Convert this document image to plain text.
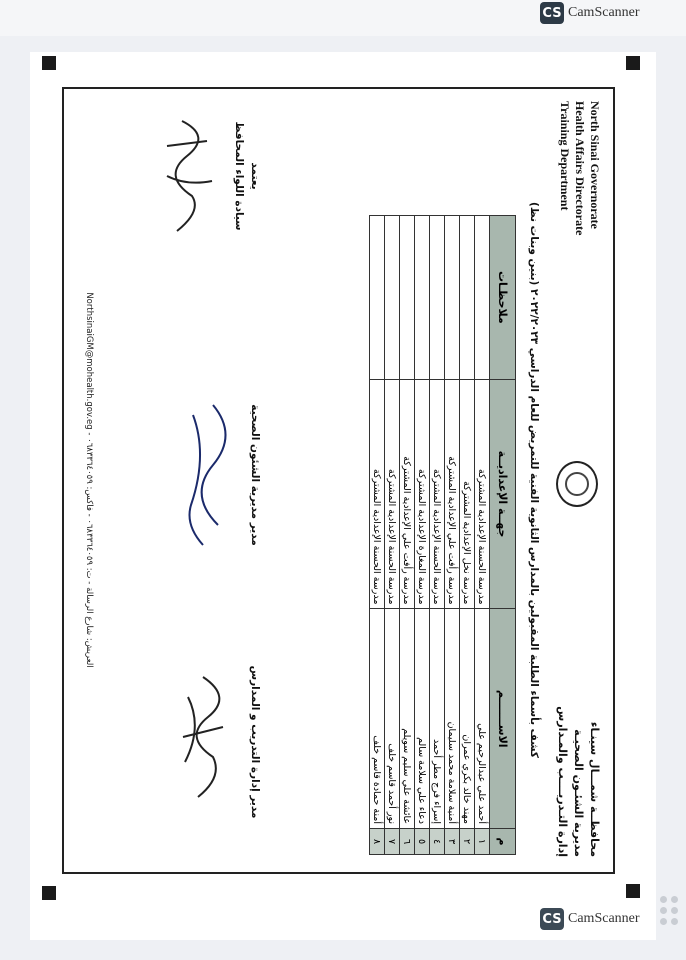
CS CamScanner
North Sinai Governorate
Health Affairs Directorate
Training Department
محافظــة شمـــال سينـاء
مديرية الشئـون الصحيـة
إدارة التـدريــــب والمـدارس
كشف بأسماء الطلبة المقبولين بالمدارس الثانوية الفنية للتمريض للعام الدراسي ٢٠٢٢/٢٠٢٣ (بنين وبنات نظ)
م	الاســـــــم	جهــة الإعداديــة	ملاحظـات
١	أحمد علي عبدالرحيم علي	مدرسة الحسنة الإعدادية المشتركة	
٢	مهند خالد بكري عمران	مدرسة نخل الإعدادية المشتركة	
٣	أمنية سلامة محمد سليمان	مدرسة رأفت علي الإعدادية المشتركة	
٤	إسراء فرج مطر أحمد	مدرسة الحسنة الإعدادية المشتركة	
٥	دعاء علي سلامة سالم	مدرسة المغارة الإعدادية المشتركة	
٦	عائشة علي سليم سويلم	مدرسة رأفت علي الإعدادية المشتركة	
٧	نور أحمد قاسم خلف	مدرسة الحسنة الإعدادية المشتركة	
٨	أمنة حمادة قاسم خلف	مدرسة الحسنة الإعدادية المشتركة	
مدير إدارة التدريب و المدارس
مدير مديرية الشئون الصحية
يعتمد
سيادة اللواء المحافظ
العريش: شارع الرسالة - ت: ٠٦٨٣٣٦٤٠٥٩ - فاكس: ٠٦٨٣٣٦٤٠٥٩ - NorthsinaiGM@mohealth.gov.eg
CS CamScanner
